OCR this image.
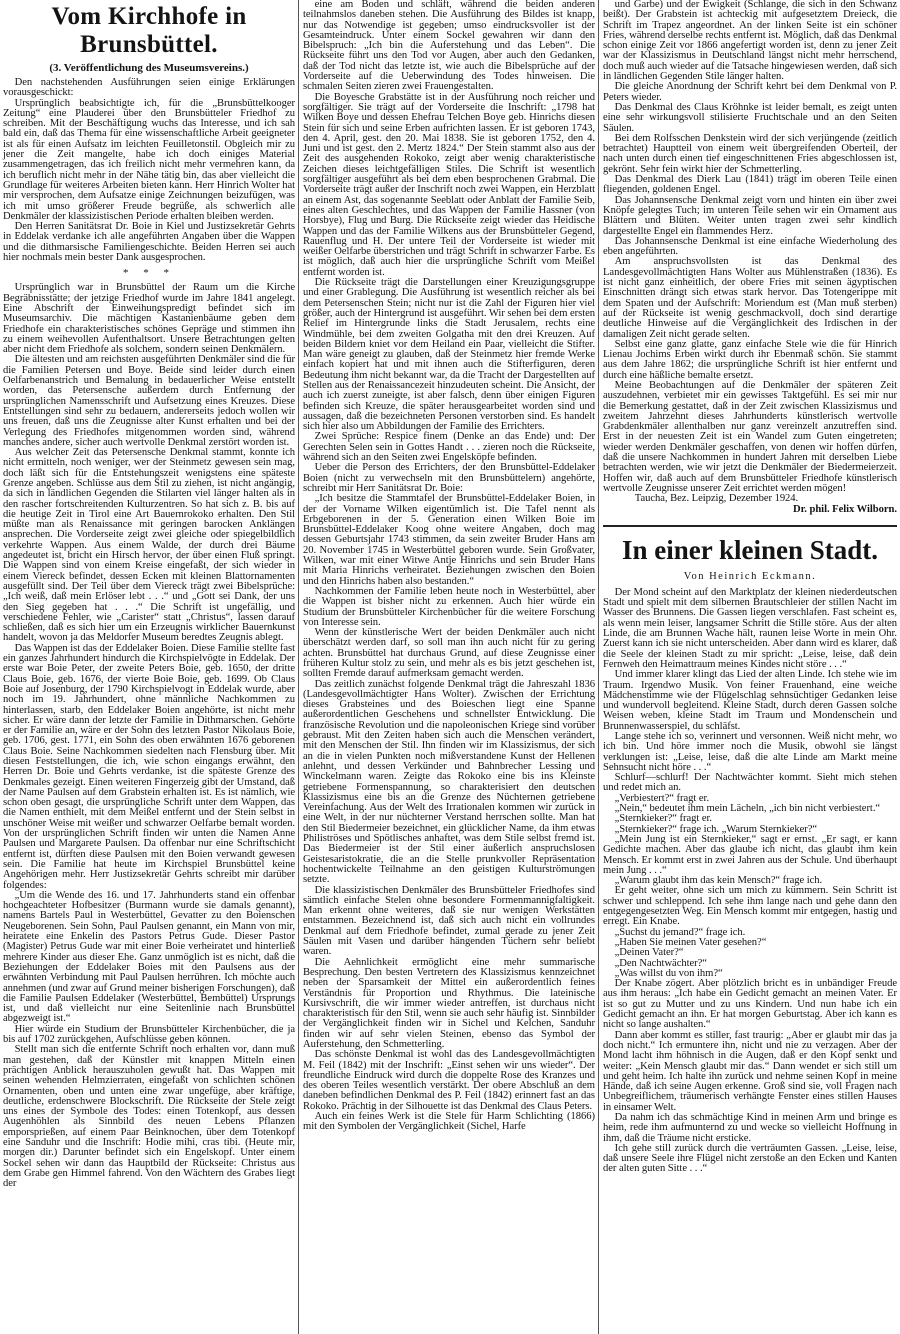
Vom Kirchhofe in Brunsbüttel.
(3. Veröffentlichung des Museumsvereins.)

Den nachstehenden Ausführungen seien einige Erklärungen vorausgeschickt:

Ursprünglich beabsichtigte ich, für die „Brunsbüttelkooger Zeitung“ eine Plauderei über den Brunsbütteler Friedhof zu schreiben. Mit der Beschäftigung wuchs das Interesse, und ich sah bald ein, daß das Thema für eine wissenschaftliche Arbeit geeigneter ist als für einen Aufsatz im leichten Feuilletonstil. Obgleich mir zu jener die Zeit mangelte, habe ich doch einiges Material zusammengetragen, das ich freilich nicht mehr vermehren kann, da ich beruflich nicht mehr in der Nähe tätig bin, das aber vielleicht die Grundlage für weiteres Arbeiten bieten kann. Herr Hinrich Wolter hat mir versprochen, dem Aufsatze einige Zeichnungen beizufügen, was ich mit umso größerer Freude begrüße, als schwerlich alle Denkmäler der klassizistischen Periode erhalten bleiben werden.

Den Herren Sanitätsrat Dr. Boie in Kiel und Justizsekretär Gehrts in Eddelak verdanke ich alle angeführten Angaben über die Wappen und die dithmarsische Familiengeschichte. Beiden Herren sei auch hier nochmals mein bester Dank ausgesprochen.

* * *

Ursprünglich war in Brunsbüttel der Raum um die Kirche Begräbnisstätte; der jetzige Friedhof wurde im Jahre 1841 angelegt. Eine Abschrift der Einweihungspredigt befindet sich im Museumsarchiv. Die mächtigen Kastanienbäume geben dem Friedhofe ein charakteristisches schönes Gepräge und stimmen ihn zu einem weihevollen Aufenthaltsort. Unsere Betrachtungen gelten aber nicht dem Friedhofe als solchem, sondern seinen Denkmälern.

Die ältesten und am reichsten ausgeführten Denkmäler sind die für die Familien Petersen und Boye. Beide sind leider durch einen Oelfarbenanstrich und Bemalung in bedauerlicher Weise entstellt worden, das Petersensche außerdem durch Entfernung der ursprünglichen Namensschrift und Aufsetzung eines Kreuzes. Diese Entstellungen sind sehr zu bedauern, andererseits jedoch wollen wir uns freuen, daß uns die Zeugnisse alter Kunst erhalten und bei der Verlegung des Friedhofes mitgenommen worden sind, während manches andere, sicher auch wertvolle Denkmal zerstört worden ist.

Aus welcher Zeit das Petersensche Denkmal stammt, konnte ich nicht ermitteln, noch weniger, wer der Steinmetz gewesen sein mag, doch läßt sich für die Entstehungszeit wenigstens eine späteste Grenze angeben. Schlüsse aus dem Stil zu ziehen, ist nicht angängig, da sich in ländlichen Gegenden die Stilarten viel länger halten als in den rascher fortschreitenden Kulturzentren. So hat sich z. B. bis auf die heutige Zeit in Tirol eine Art Bauernrokoko erhalten. Den Stil müßte man als Renaissance mit geringen barocken Anklängen ansprechen. Die Vorderseite zeigt zwei gleiche oder spiegelbildlich verkehrte Wappen. Aus einem Walde, der durch drei Bäume angedeutet ist, bricht ein Hirsch hervor, der über einen Fluß springt. Die Wappen sind von einem Kreise eingefaßt, der sich wieder in einem Viereck befindet, dessen Ecken mit kleinen Blattornamenten ausgefüllt sind. Der Teil über dem Viereck trägt zwei Bibelsprüche: „Ich weiß, daß mein Erlöser lebt . . .“ und „Gott sei Dank, der uns den Sieg gegeben hat . . .“ Die Schrift ist ungefällig, und verschiedene Fehler, wie „Carister“ statt „Christus“, lassen darauf schließen, daß es sich hier um ein Erzeugnis wirklicher Bauernkunst handelt, wovon ja das Meldorfer Museum beredtes Zeugnis ablegt.

Das Wappen ist das der Eddelaker Boien. Diese Familie stellte fast ein ganzes Jahrhundert hindurch die Kirchspielvögte in Eddelak. Der erste war Boie Peter, der zweite Peters Boie, geb. 1650, der dritte Claus Boie, geb. 1676, der vierte Boie Boie, geb. 1699. Ob Claus Boie auf Josenburg, der 1790 Kirchspielvogt in Eddelak wurde, aber noch im 19. Jahrhundert, ohne männliche Nachkommen zu hinterlassen, starb, den Eddelaker Boien angehörte, ist nicht mehr sicher. Er wäre dann der letzte der Familie in Dithmarschen. Gehörte er der Familie an, wäre er der Sohn des letzten Pastor Nikolaus Boie, geb. 1706, gest. 1771, ein Sohn des oben erwähnten 1676 geborenen Claus Boie. Seine Nachkommen siedelten nach Flensburg über. Mit diesen Feststellungen, die ich, wie schon eingangs erwähnt, den Herren Dr. Boie und Gehrts verdanke, ist die späteste Grenze des Denkmales gezeigt. Einen weiteren Fingerzeig gibt der Umstand, daß der Name Paulsen auf dem Grabstein erhalten ist. Es ist nämlich, wie schon oben gesagt, die ursprüngliche Schrift unter dem Wappen, das die Namen enthielt, mit dem Meißel entfernt und der Stein selbst in unschöner Weise mit weißer und schwarzer Oelfarbe bemalt worden. Von der ursprünglichen Schrift finden wir unten die Namen Anne Paulsen und Margarete Paulsen. Da offenbar nur eine Schriftschicht entfernt ist, dürften diese Paulsen mit den Boien verwandt gewesen sein. Die Familie hat heute im Kirchspiel Brunsbüttel keine Angehörigen mehr. Herr Justizsekretär Gehrts schreibt mir darüber folgendes:

„Um die Wende des 16. und 17. Jahrhunderts stand ein offenbar hochgeachteter Hofbesitzer (Burmann wurde sie damals genannt), namens Bartels Paul in Westerbüttel, Gevatter zu den Boienschen Neugeborenen. Sein Sohn, Paul Paulsen genannt, ein Mann von mir, heiratete eine Enkelin des Pastors Petrus Gude. Dieser Pastor (Magister) Petrus Gude war mit einer Boie verheiratet und hinterließ mehrere Kinder aus dieser Ehe. Ganz unmöglich ist es nicht, daß die Beziehungen der Eddelaker Boies mit den Paulsens aus der erwähnten Verbindung mit Paul Paulsen herrühren. Ich möchte auch annehmen (und zwar auf Grund meiner bisherigen Forschungen), daß die Familie Paulsen Eddelaker (Westerbüttel, Bembüttel) Ursprungs ist, und daß vielleicht nur eine Seitenlinie nach Brunsbüttel abgezweigt ist.“

Hier würde ein Studium der Brunsbütteler Kirchenbücher, die ja bis auf 1702 zurückgehen, Aufschlüsse geben können.

Stellt man sich die entfernte Schrift noch erhalten vor, dann muß man gestehen, daß der Künstler mit knappen Mitteln einen prächtigen Anblick herauszuholen gewußt hat. Das Wappen mit seinen wehenden Helmzierraten, eingefaßt von schlichten schönen Ornamenten, oben und unten eine zwar ungefüge, aber kräftige, deutliche, erdenschwere Blockschrift. Die Rückseite der Stele zeigt uns eines der Symbole des Todes: einen Totenkopf, aus dessen Augenhöhlen als Sinnbild des neuen Lebens Pflanzen emporsprießen, auf einem Paar Beinknochen, über dem Totenkopf eine Sanduhr und die Inschrift: Hodie mihi, cras tibi. (Heute mir, morgen dir.) Darunter befindet sich ein Engelskopf. Unter einem Sockel sehen wir dann das Hauptbild der Rückseite: Christus aus dem Grabe gen Himmel fahrend. Von den Wächtern des Grabes liegt der

eine am Boden und schläft, während die beiden anderen teilnahmslos daneben stehen. Die Ausführung des Bildes ist knapp, nur das Notwendige ist gegeben; umso eindrucksvoller ist der Gesamteindruck. Unter einem Sockel gewahren wir dann den Bibelspruch: „Ich bin die Auferstehung und das Leben“. Die Rückseite führt uns den Tod vor Augen, aber auch den Gedanken, daß der Tod nicht das letzte ist, wie auch die Bibelsprüche auf der Vorderseite auf die Ueberwindung des Todes hinweisen. Die schmalen Seiten zieren zwei Frauengestalten.

Die Boyesche Grabstätte ist in der Ausführung noch reicher und sorgfältiger. Sie trägt auf der Vorderseite die Inschrift: „1798 hat Wilken Boye und dessen Ehefrau Telchen Boye geb. Hinrichs diesen Stein für sich und seine Erben aufrichten lassen. Er ist geboren 1743, den 4. April, gest. den 20. Mai 1838. Sie ist geboren 1752, den 4. Juni und ist gest. den 2. Mertz 1824.“ Der Stein stammt also aus der Zeit des ausgehenden Rokoko, zeigt aber wenig charakteristische Zeichen dieses leichtgefälligen Stiles. Die Schrift ist wesentlich sorgfältiger ausgeführt als bei dem eben besprochenen Grabmal. Die Vorderseite trägt außer der Inschrift noch zwei Wappen, ein Herzblatt an einem Ast, das sogenannte Seeblatt oder Anblatt der Familie Seib, eines alten Geschlechtes, und das Wappen der Familie Hassner (von Horsbye), Flug und Burg. Die Rückseite zeigt wieder das Heidische Wappen und das der Familie Wilkens aus der Brunsbütteler Gegend, Rauenflug und H. Der untere Teil der Vorderseite ist wieder mit weißer Oelfarbe überstrichen und trägt Schrift in schwarzer Farbe. Es ist möglich, daß auch hier die ursprüngliche Schrift vom Meißel entfernt worden ist.

Die Rückseite trägt die Darstellungen einer Kreuzigungsgruppe und einer Grablegung. Die Ausführung ist wesentlich reicher als bei dem Petersenschen Stein; nicht nur ist die Zahl der Figuren hier viel größer, auch der Hintergrund ist ausgeführt. Wir sehen bei dem ersten Relief im Hintergrunde links die Stadt Jerusalem, rechts eine Windmühle, bei dem zweiten Golgatha mit den drei Kreuzen. Auf beiden Bildern kniet vor dem Heiland ein Paar, vielleicht die Stifter. Man wäre geneigt zu glauben, daß der Steinmetz hier fremde Werke einfach kopiert hat und mit ihnen auch die Stifterfiguren, deren Bedeutung ihm nicht bekannt war, da die Tracht der Dargestellten auf Stellen aus der Renaissancezeit hinzudeuten scheint. Die Ansicht, der auch ich zuerst zuneigte, ist aber falsch, denn über einigen Figuren befinden sich Kreuze, die später herausgearbeitet worden sind und aussagen, daß die bezeichneten Personen verstorben sind. Es handelt sich hier also um Abbildungen der Familie des Errichters.

Zwei Sprüche: Respice finem (Denke an das Ende) und: Der Gerechten Selen sein in Gottes Handt . . . zieren noch die Rückseite, während sich an den Seiten zwei Engelsköpfe befinden.

Ueber die Person des Errichters, der den Brunsbüttel-Eddelaker Boien (nicht zu verwechseln mit den Brunsbüttelern) angehörte, schreibt mir Herr Sanitätsrat Dr. Boie:

„Ich besitze die Stammtafel der Brunsbüttel-Eddelaker Boien, in der der Vorname Wilken eigentümlich ist. Die Tafel nennt als Erbgeborenen in der 5. Generation einen Wilken Boie im Brunsbüttel-Eddelaker Koog ohne weitere Angaben, doch mag dessen Geburtsjahr 1743 stimmen, da sein zweiter Bruder Hans am 20. November 1745 in Westerbüttel geboren wurde. Sein Großvater, Wilken, war mit einer Witwe Antje Hinrichs und sein Bruder Hans mit Maria Hinrichs verheiratet. Beziehungen zwischen den Boien und den Hinrichs haben also bestanden.“

Nachkommen der Familie leben heute noch in Westerbüttel, aber die Wappen ist bisher nicht zu erkennen. Auch hier würde ein Studium der Brunsbütteler Kirchenbücher für die weitere Forschung von Interesse sein.

Wenn der künstlerische Wert der beiden Denkmäler auch nicht überschätzt werden darf, so soll man ihn auch nicht für zu gering achten. Brunsbüttel hat durchaus Grund, auf diese Zeugnisse einer früheren Kultur stolz zu sein, und mehr als es bis jetzt geschehen ist, sollten Fremde darauf aufmerksam gemacht werden.

Das zeitlich zunächst folgende Denkmal trägt die Jahreszahl 1836 (Landesgevollmächtigter Hans Wolter). Zwischen der Errichtung dieses Grabsteines und des Boieschen liegt eine Spanne außerordentlichen Geschehens und schnellster Entwicklung. Die französische Revolution und die napoleonischen Kriege sind vorüber gebraust. Mit den Zeiten haben sich auch die Menschen verändert, mit den Menschen der Stil. Ihn finden wir im Klassizismus, der sich an die in vielen Punkten noch mißverstandene Kunst der Hellenen anlehnt, und dessen Verkünder und Bahnbrecher Lessing und Winckelmann waren. Zeigte das Rokoko eine bis ins Kleinste getriebene Formenspannung, so charakterisiert den deutschen Klassizismus eine bis an die Grenze des Nüchternen getriebene Vereinfachung. Aus der Welt des Irrationalen kommen wir zurück in eine Welt, in der nur nüchterner Verstand herrschen sollte. Man hat den Stil Biedermeier bezeichnet, ein glücklicher Name, da ihm etwas Philiströses und Spötlisches anhaftet, was dem Stile selbst fremd ist. Das Biedermeier ist der Stil einer äußerlich anspruchslosen Geistesaristokratie, die an die Stelle prunkvoller Repräsentation hochentwickelte Teilnahme an den geistigen Kulturströmungen setzte.

Die klassizistischen Denkmäler des Brunsbütteler Friedhofes sind sämtlich einfache Stelen ohne besondere Formenmannigfaltigkeit. Man erkennt ohne weiteres, daß sie nur wenigen Werkstätten entstammen. Bezeichnend ist, daß sich auch nicht ein vollrundes Denkmal auf dem Friedhofe befindet, zumal gerade zu jener Zeit Säulen mit Vasen und darüber hängenden Tüchern sehr beliebt waren.

Die Aehnlichkeit ermöglicht eine mehr summarische Besprechung. Den besten Vertretern des Klassizismus kennzeichnet neben der Sparsamkeit der Mittel ein außerordentlich feines Verständnis für Proportion und Rhythmus. Die lateinische Kursivschrift, die wir immer wieder antreffen, ist durchaus nicht charakteristisch für den Stil, wenn sie auch sehr häufig ist. Sinnbilder der Vergänglichkeit finden wir in Sichel und Kelchen, Sanduhr finden wir auf sehr vielen Steinen, ebenso das Symbol der Auferstehung, den Schmetterling.

Das schönste Denkmal ist wohl das des Landesgevollmächtigten M. Feil (1842) mit der Inschrift: „Einst sehen wir uns wieder“. Der freundliche Eindruck wird durch die doppelte Rose des Kranzes und des oberen Teiles wesentlich verstärkt. Der obere Abschluß an dem daneben befindlichen Denkmal des P. Feil (1842) erinnert fast an das Rokoko. Prächtig in der Silhouette ist das Denkmal des Claus Peters.

Auch ein feines Werk ist die Stele für Harm Schlichting (1866) mit den Symbolen der Vergänglichkeit (Sichel, Harfe

und Garbe) und der Ewigkeit (Schlange, die sich in den Schwanz beißt). Der Grabstein ist achteckig mit aufgesetztem Dreieck, die Schrift im Trapez angeordnet. An der linken Seite ist ein schöner Fries, während derselbe rechts entfernt ist. Möglich, daß das Denkmal schon einige Zeit vor 1866 angefertigt worden ist, denn zu jener Zeit war der Klassizismus in Deutschland längst nicht mehr herrschend, doch muß auch wieder auf die Tatsache hingewiesen werden, daß sich in ländlichen Gegenden Stile länger halten.

Die gleiche Anordnung der Schrift kehrt bei dem Denkmal von P. Peters wieder.

Das Denkmal des Claus Kröhnke ist leider bemalt, es zeigt unten eine sehr wirkungsvoll stilisierte Fruchtschale und an den Seiten Säulen.

Bei dem Rolfsschen Denkstein wird der sich verjüngende (zeitlich betrachtet) Hauptteil von einem weit übergreifenden Oberteil, der nach unten durch einen tief eingeschnittenen Fries abgeschlossen ist, gekrönt. Sehr fein wirkt hier der Schmetterling.

Das Denkmal des Dierk Lau (1841) trägt im oberen Teile einen fliegenden, goldenen Engel.

Das Johannsensche Denkmal zeigt vorn und hinten ein über zwei Knöpfe gelegtes Tuch; im unteren Teile sehen wir ein Ornament aus Blättern und Blüten. Weiter unten tragen zwei sehr kindlich dargestellte Engel ein flammendes Herz.

Das Johannsensche Denkmal ist eine einfache Wiederholung des eben angeführten.

Am anspruchsvollsten ist das Denkmal des Landesgevollmächtigten Hans Wolter aus Mühlenstraßen (1836). Es ist nicht ganz einheitlich, der obere Fries mit seinen ägyptischen Einschnitten drängt sich etwas stark hervor. Das Totengerippe mit dem Spaten und der Aufschrift: Moriendum est (Man muß sterben) auf der Rückseite ist wenig geschmackvoll, doch sind derartige deutliche Hinweise auf die Vergänglichkeit des Irdischen in der damaligen Zeit nicht gerade selten.

Selbst eine ganz glatte, ganz einfache Stele wie die für Hinrich Lienau Jochims Erben wirkt durch ihr Ebenmaß schön. Sie stammt aus dem Jahre 1862; die ursprüngliche Schrift ist hier entfernt und durch eine häßliche bemalte ersetzt.

Meine Beobachtungen auf die Denkmäler der späteren Zeit auszudehnen, verbietet mir ein gewisses Taktgefühl. Es sei mir nur die Bemerkung gestattet, daß in der Zeit zwischen Klassizismus und zweitem Jahrzehnt dieses Jahrhunderts künstlerisch wertvolle Grabdenkmäler allenthalben nur ganz vereinzelt anzutreffen sind. Erst in der neuesten Zeit ist ein Wandel zum Guten eingetreten; wieder werden Denkmäler geschaffen, von denen wir hoffen dürfen, daß die unsere Nachkommen in hundert Jahren mit derselben Liebe betrachten werden, wie wir jetzt die Denkmäler der Biedermeierzeit. Hoffen wir, daß auch auf dem Brunsbütteler Friedhofe künstlerisch wertvolle Zeugnisse unserer Zeit errichtet werden mögen!

Taucha, Bez. Leipzig, Dezember 1924.

Dr. phil. Felix Wilborn.

In einer kleinen Stadt.
Von Heinrich Eckmann.

Der Mond scheint auf den Marktplatz der kleinen niederdeutschen Stadt und spielt mit dem silbernen Brautschleier der stillen Nacht im Wasser des Brunnens. Die Gassen liegen verschlafen. Fast scheint es, als wenn mein leiser, langsamer Schritt die Stille störe. Aus der alten Linde, die am Brunnen Wache hält, raunen leise Worte in mein Ohr. Zuerst kann ich sie nicht unterscheiden. Aber dann wird es klarer, daß die Seele der kleinen Stadt zu mir spricht: „Leise, leise, daß dein Fernweh den Heimattraum meines Kindes nicht störe . . .“

Und immer klarer klingt das Lied der alten Linde. Ich stehe wie im Traum. Irgendwo Musik. Von feiner Frauenhand, eine weiche Mädchenstimme wie der Flügelschlag sehnsüchtiger Gedanken leise und wundervoll begleitend. Kleine Stadt, durch deren Gassen solche Weisen weben, kleine Stadt im Traum und Mondenschein und Brunnenwasserspiel, du schläfst.

Lange stehe ich so, verinnert und versonnen. Weiß nicht mehr, wo ich bin. Und höre immer noch die Musik, obwohl sie längst verklungen ist: „Leise, leise, daß die alte Linde am Markt meine Sehnsucht nicht höre . . .“

Schlurf—schlurf! Der Nachtwächter kommt. Sieht mich stehen und redet mich an.

„Verbiestert?“ fragt er.

„Nein,“ bedeutet ihm mein Lächeln, „ich bin nicht verbiestert.“

„Sternkieker?“ fragt er.

„Sternkieker?“ frage ich. „Warum Sternkieker?“

„Mein Jung ist ein Sternkieker,“ sagt er ernst. „Er sagt, er kann Gedichte machen. Aber das glaube ich nicht, das glaubt ihm kein Mensch. Er kommt erst in zwei Jahren aus der Schule. Und überhaupt mein Jung . . .“

„Warum glaubt ihm das kein Mensch?“ frage ich.

Er geht weiter, ohne sich um mich zu kümmern. Sein Schritt ist schwer und schleppend. Ich sehe ihm lange nach und gehe dann den entgegengesetzten Weg. Ein Mensch kommt mir entgegen, hastig und erregt. Ein Knabe.

„Suchst du jemand?“ frage ich.

„Haben Sie meinen Vater gesehen?“

„Deinen Vater?“

„Den Nachtwächter?“

„Was willst du von ihm?“

Der Knabe zögert. Aber plötzlich bricht es in unbändiger Freude aus ihm heraus: „Ich habe ein Gedicht gemacht an meinen Vater. Er ist so gut zu Mutter und zu uns Kindern. Und nun habe ich ein Gedicht gemacht an ihn. Er hat morgen Geburtstag. Aber ich kann es nicht so lange aushalten.“

Dann aber kommt es stiller, fast traurig: „Aber er glaubt mir das ja doch nicht.“ Ich ermuntere ihn, nicht und nie zu verzagen. Aber der Mond lacht ihm höhnisch in die Augen, daß er den Kopf senkt und weiter: „Kein Mensch glaubt mir das.“ Dann wendet er sich still um und geht heim. Ich halte ihn zurück und nehme seinen Kopf in meine Hände, daß ich seine Augen erkenne. Groß sind sie, voll Fragen nach Unbegreiflichem, träumerisch verhängte Fenster eines stillen Hauses in einsamer Welt.

Da nahm ich das schmächtige Kind in meinen Arm und bringe es heim, rede ihm aufmunternd zu und wecke so vielleicht Hoffnung in ihm, daß die Träume nicht ersticke.

Ich gehe still zurück durch die verträumten Gassen. „Leise, leise, daß unsere Seele ihre Flügel nicht zerstoße an den Ecken und Kanten der alten guten Sitte . . .“
